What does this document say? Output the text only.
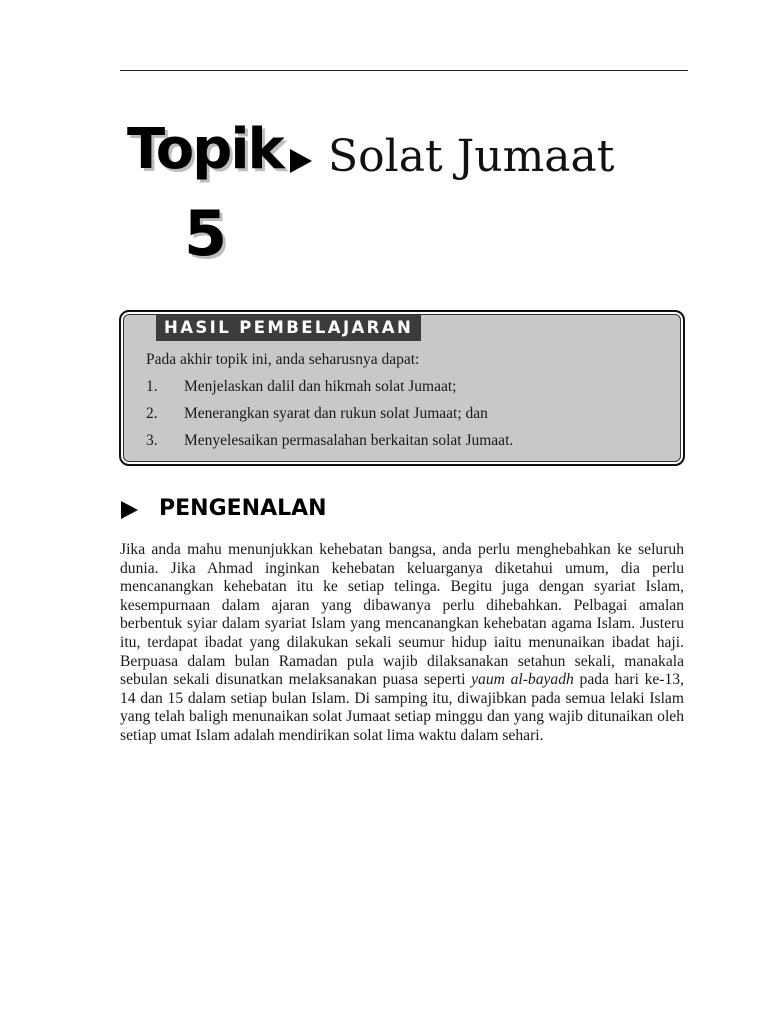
Topik Solat Jumaat
5
HASIL PEMBELAJARAN
Pada akhir topik ini, anda seharusnya dapat:
1. Menjelaskan dalil dan hikmah solat Jumaat;
2. Menerangkan syarat dan rukun solat Jumaat; dan
3. Menyelesaikan permasalahan berkaitan solat Jumaat.
PENGENALAN

Jika anda mahu menunjukkan kehebatan bangsa, anda perlu menghebahkan ke seluruh dunia. Jika Ahmad inginkan kehebatan keluarganya diketahui umum, dia perlu mencanangkan kehebatan itu ke setiap telinga. Begitu juga dengan syariat Islam, kesempurnaan dalam ajaran yang dibawanya perlu dihebahkan. Pelbagai amalan berbentuk syiar dalam syariat Islam yang mencanangkan kehebatan agama Islam. Justeru itu, terdapat ibadat yang dilakukan sekali seumur hidup iaitu menunaikan ibadat haji. Berpuasa dalam bulan Ramadan pula wajib dilaksanakan setahun sekali, manakala sebulan sekali disunatkan melaksanakan puasa seperti yaum al-bayadh pada hari ke-13, 14 dan 15 dalam setiap bulan Islam. Di samping itu, diwajibkan pada semua lelaki Islam yang telah baligh menunaikan solat Jumaat setiap minggu dan yang wajib ditunaikan oleh setiap umat Islam adalah mendirikan solat lima waktu dalam sehari.
